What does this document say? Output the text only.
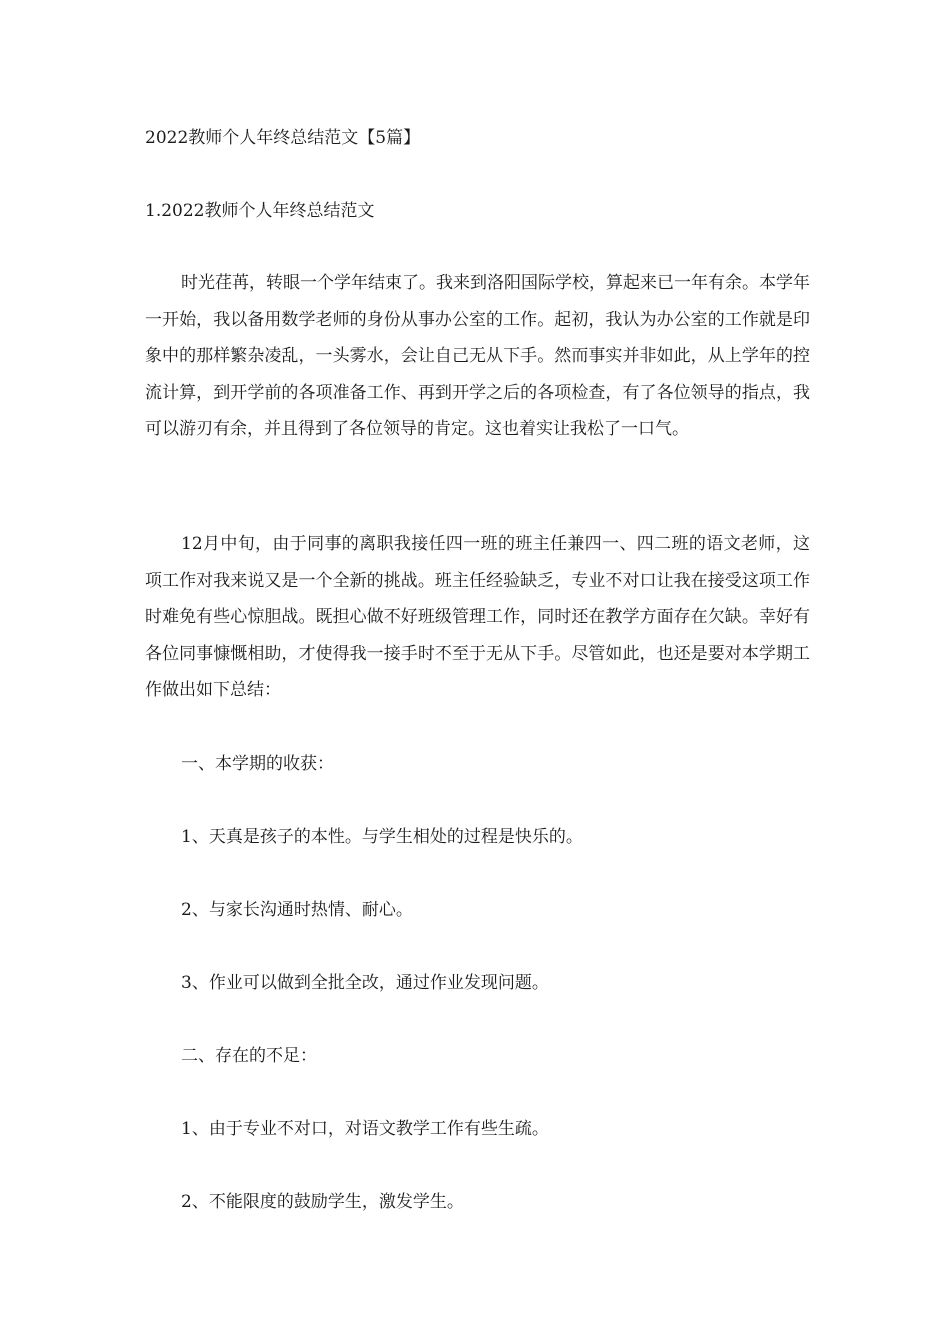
2022教师个人年终总结范文【5篇】

1.2022教师个人年终总结范文

时光荏苒，转眼一个学年结束了。我来到洛阳国际学校，算起来已一年有余。本学年一开始，我以备用数学老师的身份从事办公室的工作。起初，我认为办公室的工作就是印象中的那样繁杂凌乱，一头雾水，会让自己无从下手。然而事实并非如此，从上学年的控流计算，到开学前的各项准备工作、再到开学之后的各项检查，有了各位领导的指点，我可以游刃有余，并且得到了各位领导的肯定。这也着实让我松了一口气。

12月中旬，由于同事的离职我接任四一班的班主任兼四一、四二班的语文老师，这项工作对我来说又是一个全新的挑战。班主任经验缺乏，专业不对口让我在接受这项工作时难免有些心惊胆战。既担心做不好班级管理工作，同时还在教学方面存在欠缺。幸好有各位同事慷慨相助，才使得我一接手时不至于无从下手。尽管如此，也还是要对本学期工作做出如下总结：

一、本学期的收获：

1、天真是孩子的本性。与学生相处的过程是快乐的。

2、与家长沟通时热情、耐心。

3、作业可以做到全批全改，通过作业发现问题。

二、存在的不足：

1、由于专业不对口，对语文教学工作有些生疏。

2、不能限度的鼓励学生，激发学生。
